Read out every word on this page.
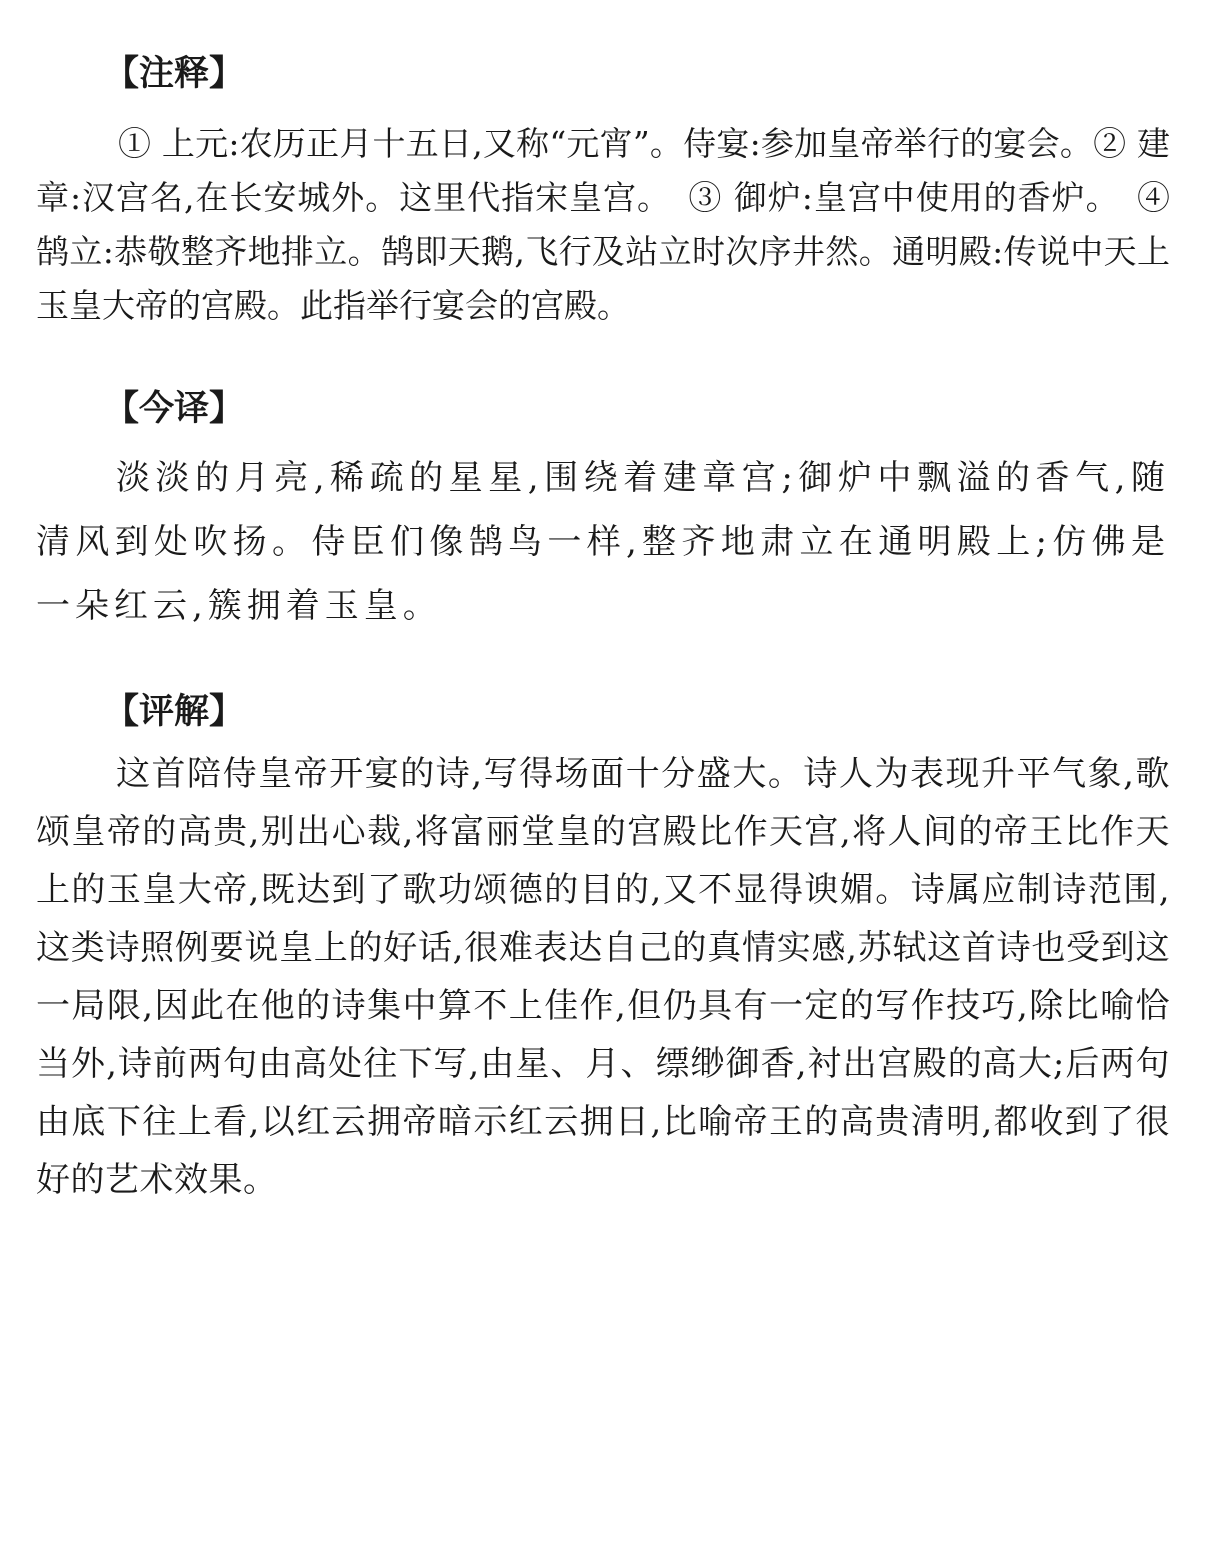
【注释】

① 上元:农历正月十五日,又称“元宵”。侍宴:参加皇帝举行的宴会。② 建章:汉宫名,在长安城外。这里代指宋皇宫。　③ 御炉:皇宫中使用的香炉。　④ 鹄立:恭敬整齐地排立。鹄即天鹅,飞行及站立时次序井然。通明殿:传说中天上玉皇大帝的宫殿。此指举行宴会的宫殿。

【今译】

淡淡的月亮,稀疏的星星,围绕着建章宫;御炉中飘溢的香气,随清风到处吹扬。侍臣们像鹄鸟一样,整齐地肃立在通明殿上;仿佛是一朵红云,簇拥着玉皇。

【评解】

这首陪侍皇帝开宴的诗,写得场面十分盛大。诗人为表现升平气象,歌颂皇帝的高贵,别出心裁,将富丽堂皇的宫殿比作天宫,将人间的帝王比作天上的玉皇大帝,既达到了歌功颂德的目的,又不显得谀媚。诗属应制诗范围,这类诗照例要说皇上的好话,很难表达自己的真情实感,苏轼这首诗也受到这一局限,因此在他的诗集中算不上佳作,但仍具有一定的写作技巧,除比喻恰当外,诗前两句由高处往下写,由星、月、缥缈御香,衬出宫殿的高大;后两句由底下往上看,以红云拥帝暗示红云拥日,比喻帝王的高贵清明,都收到了很好的艺术效果。
